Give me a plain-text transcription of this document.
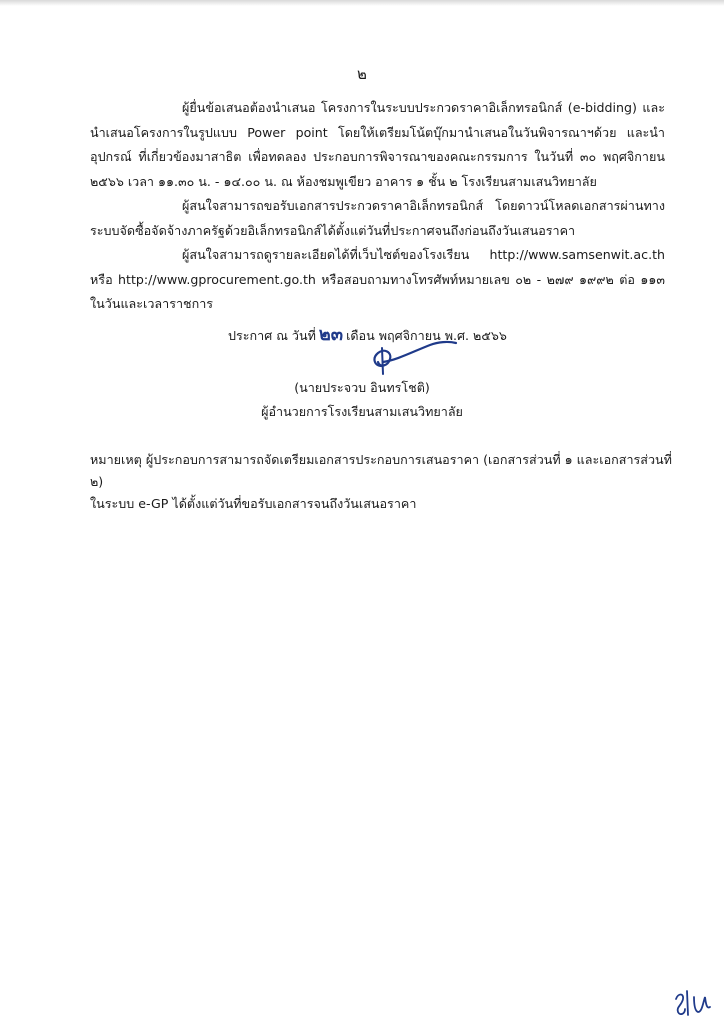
๒

ผู้ยื่นข้อเสนอต้องนำเสนอ โครงการในระบบประกวดราคาอิเล็กทรอนิกส์ (e-bidding) และนำเสนอโครงการในรูปแบบ Power point โดยให้เตรียมโน้ตบุ๊กมานำเสนอในวันพิจารณาฯด้วย และนำอุปกรณ์ ที่เกี่ยวข้องมาสาธิต เพื่อทดลอง ประกอบการพิจารณาของคณะกรรมการ ในวันที่ ๓๐ พฤศจิกายน ๒๕๖๖ เวลา ๑๑.๓๐ น. - ๑๔.๐๐ น. ณ ห้องชมพูเขียว อาคาร ๑ ชั้น ๒ โรงเรียนสามเสนวิทยาลัย

ผู้สนใจสามารถขอรับเอกสารประกวดราคาอิเล็กทรอนิกส์ โดยดาวน์โหลดเอกสารผ่านทางระบบจัดซื้อจัดจ้างภาครัฐด้วยอิเล็กทรอนิกส์ได้ตั้งแต่วันที่ประกาศจนถึงก่อนถึงวันเสนอราคา

ผู้สนใจสามารถดูรายละเอียดได้ที่เว็บไซต์ของโรงเรียน http://www.samsenwit.ac.th หรือ http://www.gprocurement.go.th หรือสอบถามทางโทรศัพท์หมายเลข ๐๒ - ๒๗๙ ๑๙๙๒ ต่อ ๑๑๓ ในวันและเวลาราชการ

ประกาศ ณ วันที่ ๒๓ เดือน พฤศจิกายน พ.ศ. ๒๕๖๖
(นายประจวบ อินทรโชติ)
ผู้อำนวยการโรงเรียนสามเสนวิทยาลัย

หมายเหตุ ผู้ประกอบการสามารถจัดเตรียมเอกสารประกอบการเสนอราคา (เอกสารส่วนที่ ๑ และเอกสารส่วนที่ ๒)

ในระบบ e-GP ได้ตั้งแต่วันที่ขอรับเอกสารจนถึงวันเสนอราคา
